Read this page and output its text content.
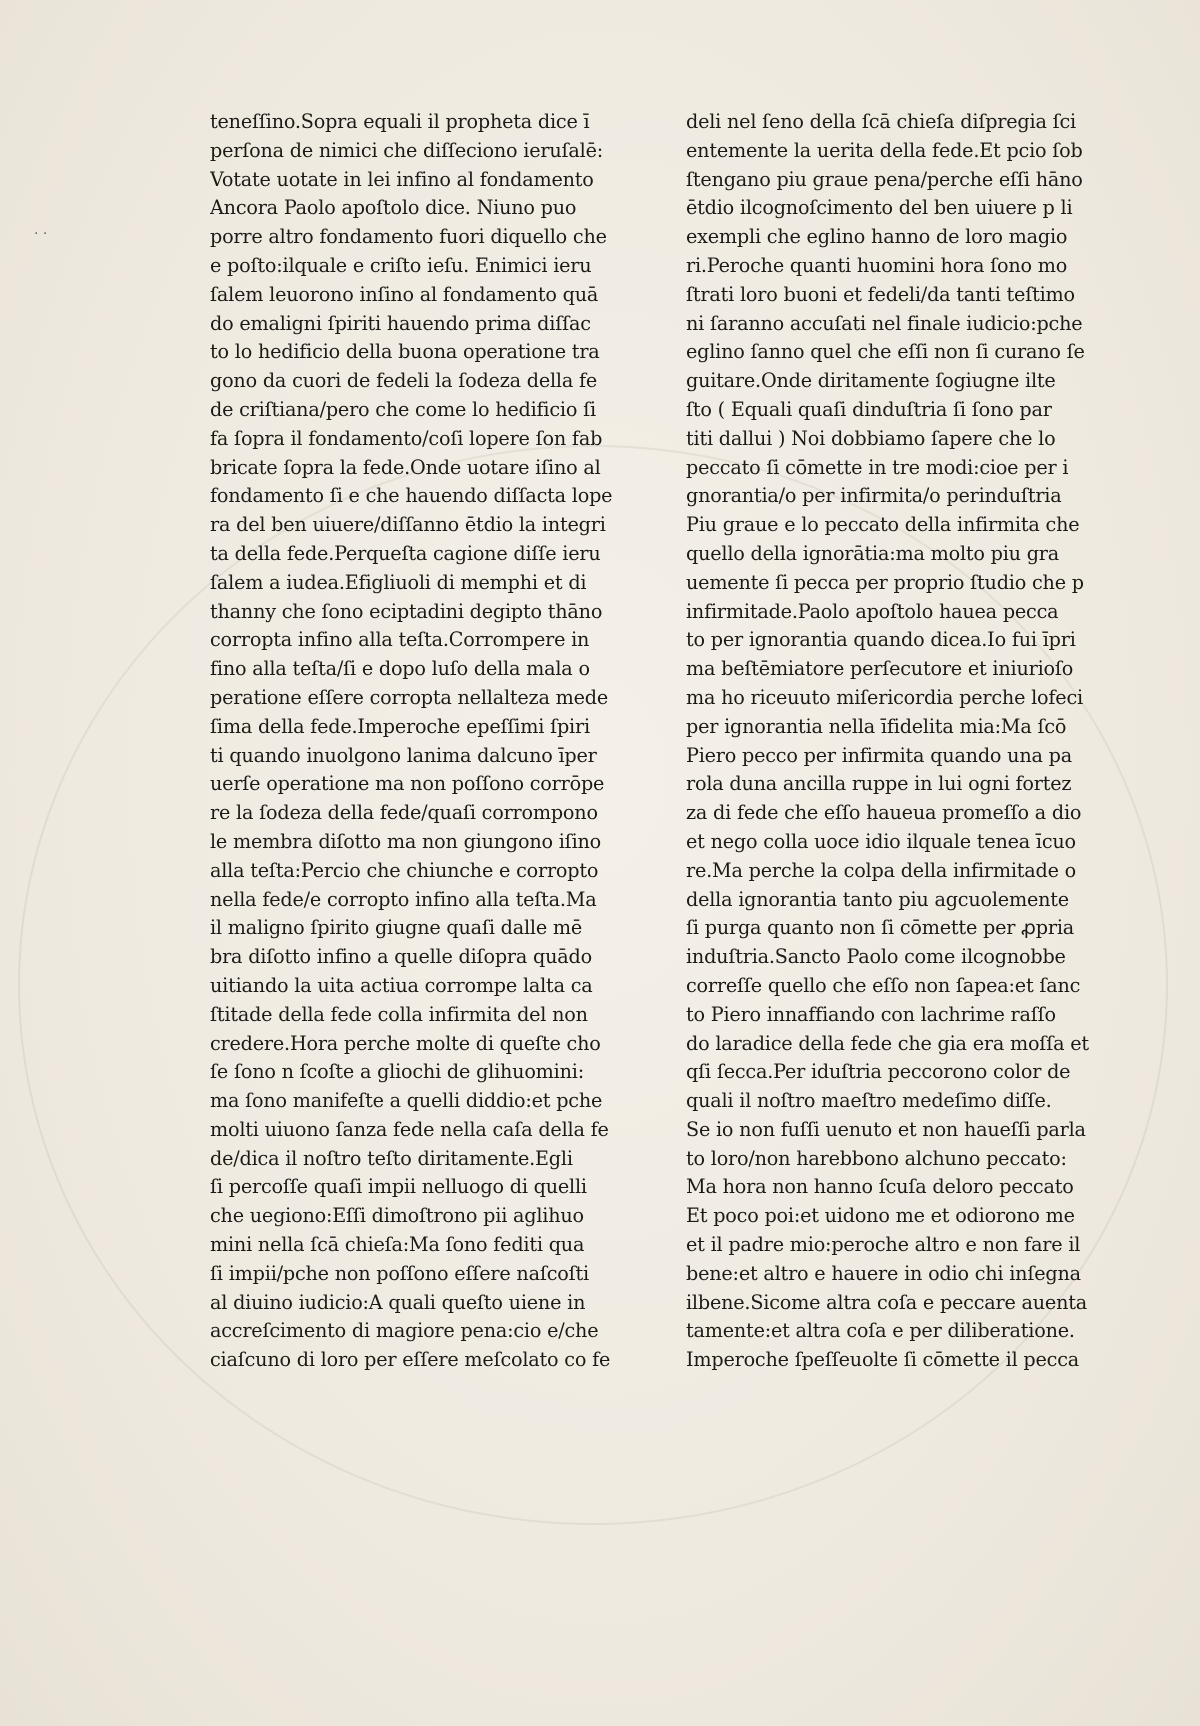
· ·
teneſſino.Sopra equali il propheta dice ī
perſona de nimici che diſſeciono ieruſalē:
Votate uotate in lei infino al fondamento
Ancora Paolo apoſtolo dice. Niuno puo
porre altro fondamento fuori diquello che
e poſto:ilquale e criſto ieſu. Enimici ieru
ſalem leuorono inſino al fondamento quā
do emaligni ſpiriti hauendo prima diſſac
to lo hedificio della buona operatione tra
gono da cuori de fedeli la ſodeza della fe
de criſtiana/pero che come lo hedificio ſi
fa ſopra il fondamento/coſi lopere ſon fab
bricate ſopra la fede.Onde uotare iſino al
fondamento ſi e che hauendo diſſacta lope
ra del ben uiuere/diſſanno ētdio la integri
ta della fede.Perqueſta cagione diſſe ieru
ſalem a iudea.Efigliuoli di memphi et di
thanny che ſono eciptadini degipto thāno
corropta infino alla teſta.Corrompere in
fino alla teſta/ſi e dopo luſo della mala o
peratione eſſere corropta nellalteza mede
ſima della fede.Imperoche epeſſimi ſpiri
ti quando inuolgono lanima dalcuno īper
uerſe operatione ma non poſſono corrōpe
re la ſodeza della fede/quaſi corrompono
le membra diſotto ma non giungono iſino
alla teſta:Percio che chiunche e corropto
nella fede/e corropto infino alla teſta.Ma
il maligno ſpirito giugne quaſi dalle mē
bra diſotto infino a quelle diſopra quādo
uitiando la uita actiua corrompe lalta ca
ſtitade della fede colla infirmita del non
credere.Hora perche molte di queſte cho
ſe ſono n ſcoſte a gliochi de glihuomini:
ma ſono manifeſte a quelli diddio:et pche
molti uiuono ſanza fede nella caſa della fe
de/dica il noſtro teſto diritamente.Egli
ſi percoſſe quaſi impii nelluogo di quelli
che uegiono:Eſſi dimoſtrono pii aglihuo
mini nella ſcā chieſa:Ma ſono fediti qua
ſi impii/pche non poſſono eſſere naſcoſti
al diuino iudicio:A quali queſto uiene in
accreſcimento di magiore pena:cio e/che
ciaſcuno di loro per eſſere meſcolato co fe
deli nel ſeno della ſcā chieſa diſpregia ſci
entemente la uerita della fede.Et pcio ſob
ſtengano piu graue pena/perche eſſi hāno
ētdio ilcognoſcimento del ben uiuere p li
exempli che eglino hanno de loro magio
ri.Peroche quanti huomini hora ſono mo
ſtrati loro buoni et fedeli/da tanti teſtimo
ni ſaranno accuſati nel finale iudicio:pche
eglino ſanno quel che eſſi non ſi curano ſe
guitare.Onde diritamente ſogiugne ilte
ſto ( Equali quaſi dinduſtria ſi ſono par
titi dallui ) Noi dobbiamo ſapere che lo
peccato ſi cōmette in tre modi:cioe per i
gnorantia/o per infirmita/o perinduſtria
Piu graue e lo peccato della infirmita che
quello della ignorātia:ma molto piu gra
uemente ſi pecca per proprio ſtudio che p
infirmitade.Paolo apoſtolo hauea pecca
to per ignorantia quando dicea.Io fui īpri
ma beſtēmiatore perſecutore et iniurioſo
ma ho riceuuto miſericordia perche lofeci
per ignorantia nella īfidelita mia:Ma ſcō
Piero pecco per infirmita quando una pa
rola duna ancilla ruppe in lui ogni fortez
za di fede che eſſo haueua promeſſo a dio
et nego colla uoce idio ilquale tenea īcuo
re.Ma perche la colpa della infirmitade o
della ignorantia tanto piu agcuolemente
ſi purga quanto non ſi cōmette per ꝓpria
induſtria.Sancto Paolo come ilcognobbe
correſſe quello che eſſo non ſapea:et ſanc
to Piero innaffiando con lachrime raſſo
do laradice della fede che gia era moſſa et
qſi ſecca.Per iduſtria peccorono color de
quali il noſtro maeſtro medeſimo diſſe.
Se io non fuſſi uenuto et non haueſſi parla
to loro/non harebbono alchuno peccato:
Ma hora non hanno ſcuſa deloro peccato
Et poco poi:et uidono me et odiorono me
et il padre mio:peroche altro e non fare il
bene:et altro e hauere in odio chi inſegna
ilbene.Sicome altra coſa e peccare auenta
tamente:et altra coſa e per diliberatione.
Imperoche ſpeſſeuolte ſi cōmette il pecca
